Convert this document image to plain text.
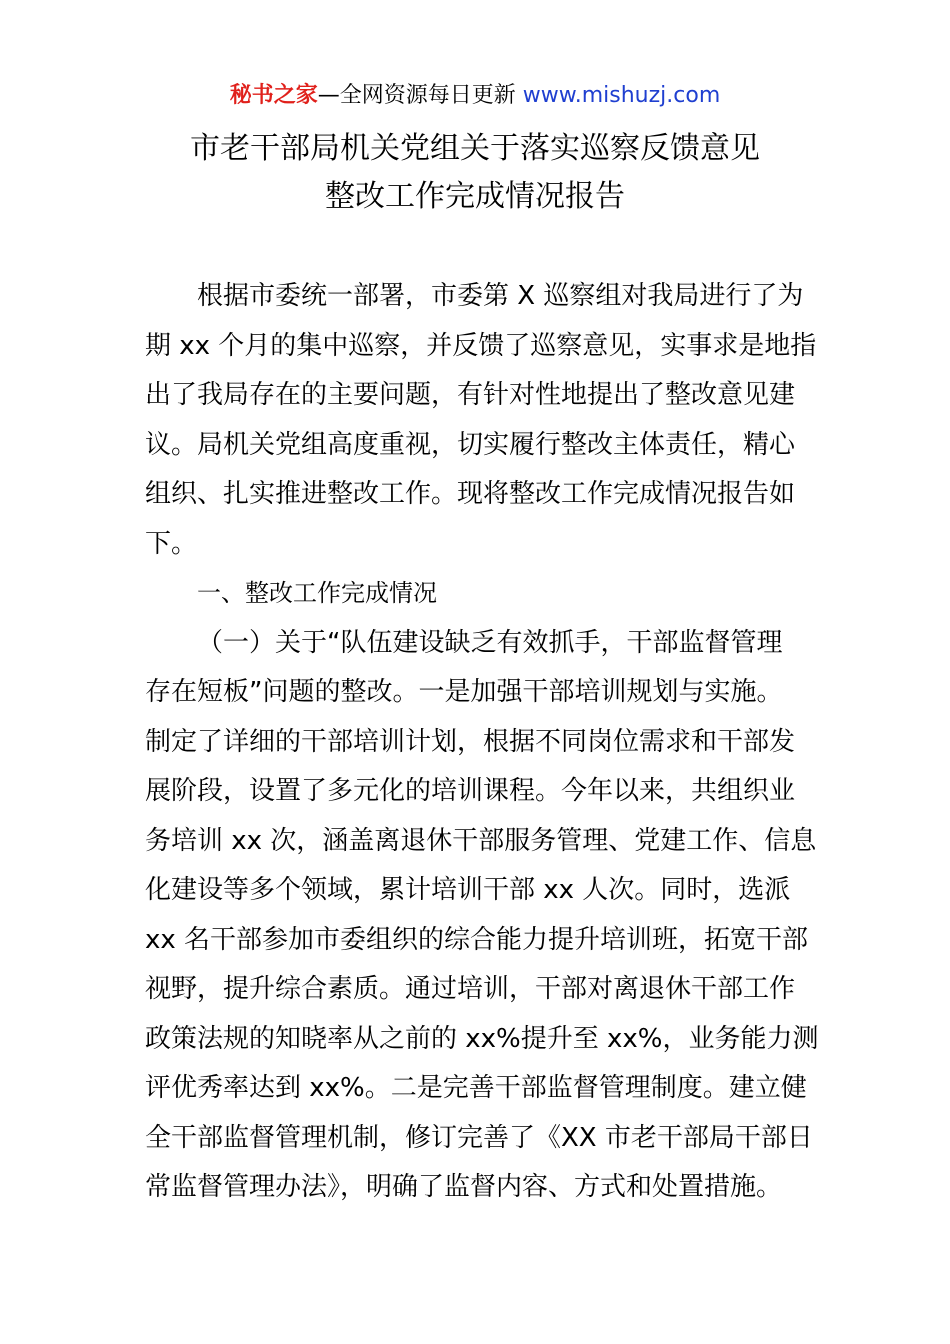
秘书之家—全网资源每日更新 www.mishuzj.com
市老干部局机关党组关于落实巡察反馈意见
整改工作完成情况报告
根据市委统一部署，市委第 X 巡察组对我局进行了为
期 xx 个月的集中巡察，并反馈了巡察意见，实事求是地指
出了我局存在的主要问题，有针对性地提出了整改意见建
议。局机关党组高度重视，切实履行整改主体责任，精心
组织、扎实推进整改工作。现将整改工作完成情况报告如
下。
一、整改工作完成情况
（一）关于“队伍建设缺乏有效抓手，干部监督管理
存在短板”问题的整改。一是加强干部培训规划与实施。
制定了详细的干部培训计划，根据不同岗位需求和干部发
展阶段，设置了多元化的培训课程。今年以来，共组织业
务培训 xx 次，涵盖离退休干部服务管理、党建工作、信息
化建设等多个领域，累计培训干部 xx 人次。同时，选派
xx 名干部参加市委组织的综合能力提升培训班，拓宽干部
视野，提升综合素质。通过培训，干部对离退休干部工作
政策法规的知晓率从之前的 xx%提升至 xx%，业务能力测
评优秀率达到 xx%。二是完善干部监督管理制度。建立健
全干部监督管理机制，修订完善了《XX 市老干部局干部日
常监督管理办法》，明确了监督内容、方式和处置措施。
